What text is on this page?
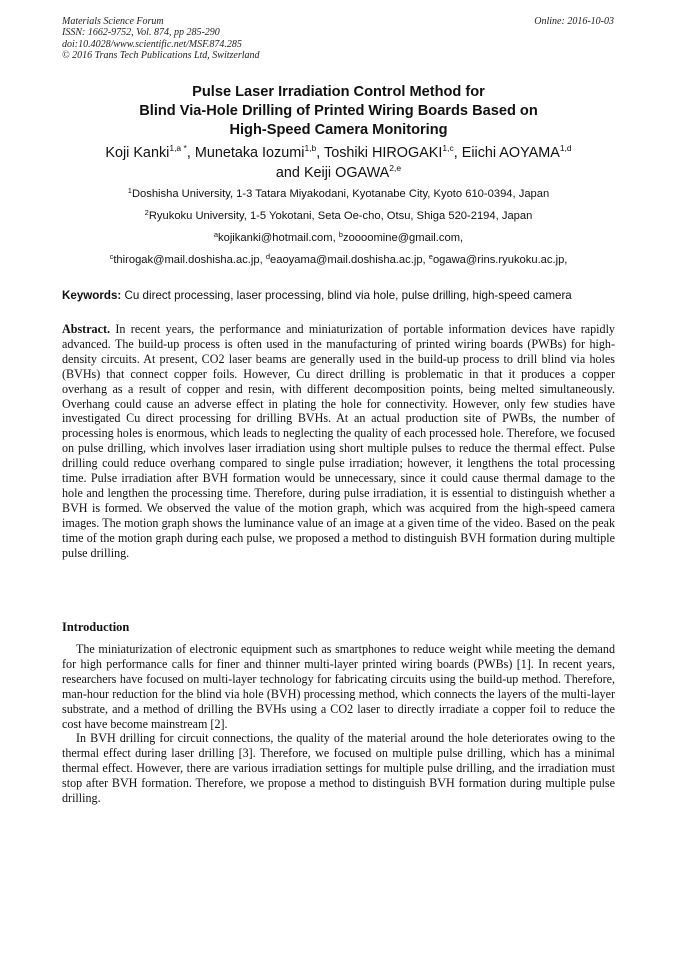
Materials Science Forum
ISSN: 1662-9752, Vol. 874, pp 285-290
doi:10.4028/www.scientific.net/MSF.874.285
© 2016 Trans Tech Publications Ltd, Switzerland
Online: 2016-10-03
Pulse Laser Irradiation Control Method for
Blind Via-Hole Drilling of Printed Wiring Boards Based on
High-Speed Camera Monitoring
Koji Kanki$^{1,a *}$, Munetaka Iozumi$^{1,b}$, Toshiki HIROGAKI$^{1,c}$, Eiichi AOYAMA$^{1,d}$
and Keiji OGAWA$^{2,e}$
$^1$Doshisha University, 1-3 Tatara Miyakodani, Kyotanabe City, Kyoto 610-0394, Japan
$^2$Ryukoku University, 1-5 Yokotani, Seta Oe-cho, Otsu, Shiga 520-2194, Japan
$^a$kojikanki@hotmail.com, $^b$zoooomine@gmail.com,
$^c$thirogak@mail.doshisha.ac.jp, $^d$eaoyama@mail.doshisha.ac.jp, $^e$ogawa@rins.ryukoku.ac.jp,
Keywords: Cu direct processing, laser processing, blind via hole, pulse drilling, high-speed camera
Abstract. In recent years, the performance and miniaturization of portable information devices have rapidly advanced. The build-up process is often used in the manufacturing of printed wiring boards (PWBs) for high-density circuits. At present, CO2 laser beams are generally used in the build-up process to drill blind via holes (BVHs) that connect copper foils. However, Cu direct drilling is problematic in that it produces a copper overhang as a result of copper and resin, with different decomposition points, being melted simultaneously. Overhang could cause an adverse effect in plating the hole for connectivity. However, only few studies have investigated Cu direct processing for drilling BVHs. At an actual production site of PWBs, the number of processing holes is enormous, which leads to neglecting the quality of each processed hole. Therefore, we focused on pulse drilling, which involves laser irradiation using short multiple pulses to reduce the thermal effect. Pulse drilling could reduce overhang compared to single pulse irradiation; however, it lengthens the total processing time. Pulse irradiation after BVH formation would be unnecessary, since it could cause thermal damage to the hole and lengthen the processing time. Therefore, during pulse irradiation, it is essential to distinguish whether a BVH is formed. We observed the value of the motion graph, which was acquired from the high-speed camera images. The motion graph shows the luminance value of an image at a given time of the video. Based on the peak time of the motion graph during each pulse, we proposed a method to distinguish BVH formation during multiple pulse drilling.
Introduction

The miniaturization of electronic equipment such as smartphones to reduce weight while meeting the demand for high performance calls for finer and thinner multi-layer printed wiring boards (PWBs) [1]. In recent years, researchers have focused on multi-layer technology for fabricating circuits using the build-up method. Therefore, man-hour reduction for the blind via hole (BVH) processing method, which connects the layers of the multi-layer substrate, and a method of drilling the BVHs using a CO2 laser to directly irradiate a copper foil to reduce the cost have become mainstream [2].

In BVH drilling for circuit connections, the quality of the material around the hole deteriorates owing to the thermal effect during laser drilling [3]. Therefore, we focused on multiple pulse drilling, which has a minimal thermal effect. However, there are various irradiation settings for multiple pulse drilling, and the irradiation must stop after BVH formation. Therefore, we propose a method to distinguish BVH formation during multiple pulse drilling.
